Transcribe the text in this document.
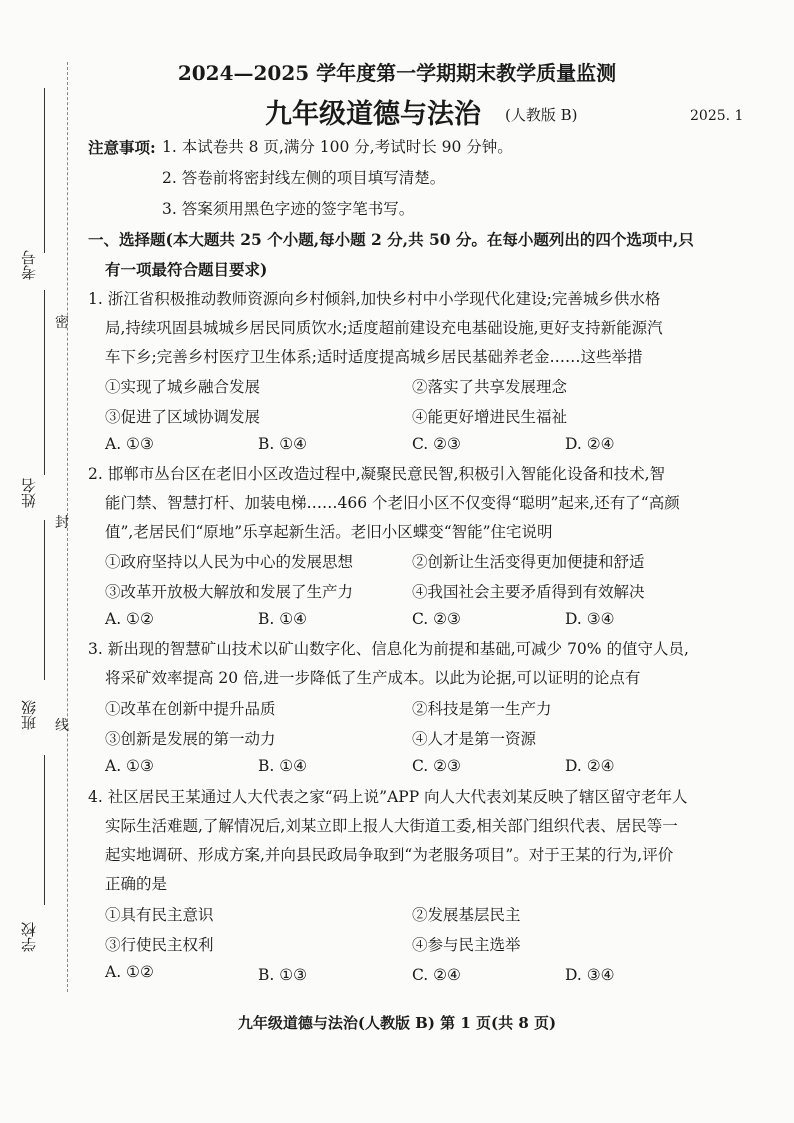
考号
姓名
班级
学校
密
封
线
2024—2025 学年度第一学期期末教学质量监测
九年级道德与法治 (人教版 B)	2025. 1
注意事项: 1. 本试卷共 8 页,满分 100 分,考试时长 90 分钟。
2. 答卷前将密封线左侧的项目填写清楚。
3. 答案须用黑色字迹的签字笔书写。
一、选择题(本大题共 25 个小题,每小题 2 分,共 50 分。在每小题列出的四个选项中,只
有一项最符合题目要求)
1. 浙江省积极推动教师资源向乡村倾斜,加快乡村中小学现代化建设;完善城乡供水格
局,持续巩固县城城乡居民同质饮水;适度超前建设充电基础设施,更好支持新能源汽
车下乡;完善乡村医疗卫生体系;适时适度提高城乡居民基础养老金……这些举措
①实现了城乡融合发展	②落实了共享发展理念
③促进了区域协调发展	④能更好增进民生福祉
A. ①③	B. ①④	C. ②③	D. ②④
2. 邯郸市丛台区在老旧小区改造过程中,凝聚民意民智,积极引入智能化设备和技术,智
能门禁、智慧打杆、加装电梯……466 个老旧小区不仅变得“聪明”起来,还有了“高颜
值”,老居民们“原地”乐享起新生活。老旧小区蝶变“智能”住宅说明
①政府坚持以人民为中心的发展思想	②创新让生活变得更加便捷和舒适
③改革开放极大解放和发展了生产力	④我国社会主要矛盾得到有效解决
A. ①②	B. ①④	C. ②③	D. ③④
3. 新出现的智慧矿山技术以矿山数字化、信息化为前提和基础,可减少 70% 的值守人员,
将采矿效率提高 20 倍,进一步降低了生产成本。以此为论据,可以证明的论点有
①改革在创新中提升品质	②科技是第一生产力
③创新是发展的第一动力	④人才是第一资源
A. ①③	B. ①④	C. ②③	D. ②④
4. 社区居民王某通过人大代表之家“码上说”APP 向人大代表刘某反映了辖区留守老年人
实际生活难题,了解情况后,刘某立即上报人大街道工委,相关部门组织代表、居民等一
起实地调研、形成方案,并向县民政局争取到“为老服务项目”。对于王某的行为,评价
正确的是
①具有民主意识	②发展基层民主
③行使民主权利	④参与民主选举
A. ①②	B. ①③	C. ②④	D. ③④
九年级道德与法治(人教版 B) 第 1 页(共 8 页)
